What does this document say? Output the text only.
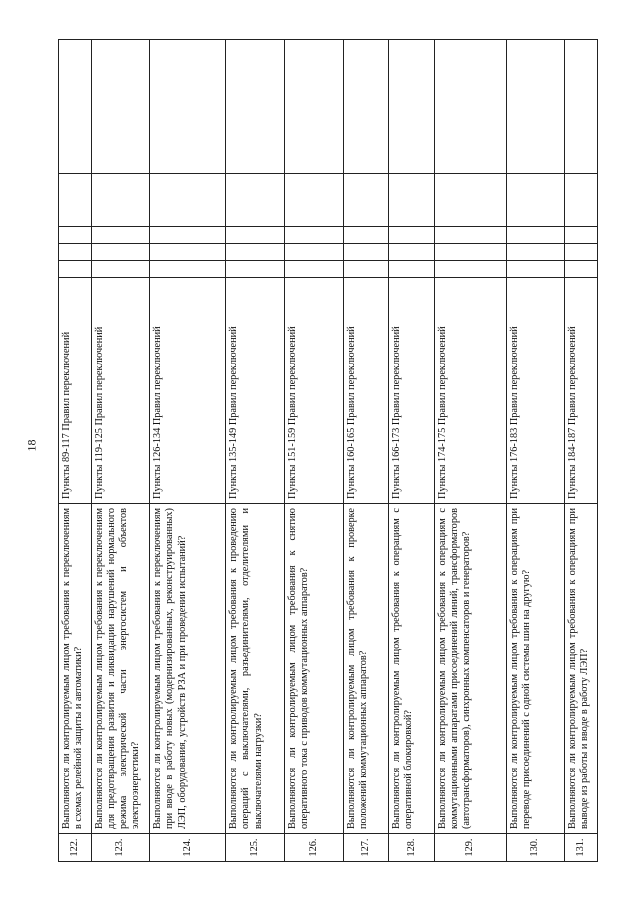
18
122.	Выполняются ли контролируемым лицом требования к переключениям в схемах релейной защиты и автоматики?	Пункты 89-117 Правил переключений					
123.	Выполняются ли контролируемым лицом требования к переключениям для предотвращения развития и ликвидации нарушений нормального режима электрической части энергосистем и объектов электроэнергетики?	Пункты 119-125 Правил переключений					
124.	Выполняются ли контролируемым лицом требования к переключениям при вводе в работу новых (модернизированных, реконструированных) ЛЭП, оборудования, устройств РЗА и при проведении испытаний?	Пункты 126-134 Правил переключений					
125.	Выполняются ли контролируемым лицом требования к проведению операций с выключателями, разъединителями, отделителями и выключателями нагрузки?	Пункты 135-149 Правил переключений					
126.	Выполняются ли контролируемым лицом требования к снятию оперативного тока с приводов коммутационных аппаратов?	Пункты 151-159 Правил переключений					
127.	Выполняются ли контролируемым лицом требования к проверке положений коммутационных аппаратов?	Пункты 160-165 Правил переключений					
128.	Выполняются ли контролируемым лицом требования к операциям с оперативной блокировкой?	Пункты 166-173 Правил переключений					
129.	Выполняются ли контролируемым лицом требования к операциям с коммутационными аппаратами присоединений линий, трансформаторов (автотрансформаторов), синхронных компенсаторов и генераторов?	Пункты 174-175 Правил переключений					
130.	Выполняются ли контролируемым лицом требования к операциям при переводе присоединений с одной системы шин на другую?	Пункты 176-183 Правил переключений					
131.	Выполняются ли контролируемым лицом требования к операциям при выводе из работы и вводе в работу ЛЭП?	Пункты 184-187 Правил переключений					
